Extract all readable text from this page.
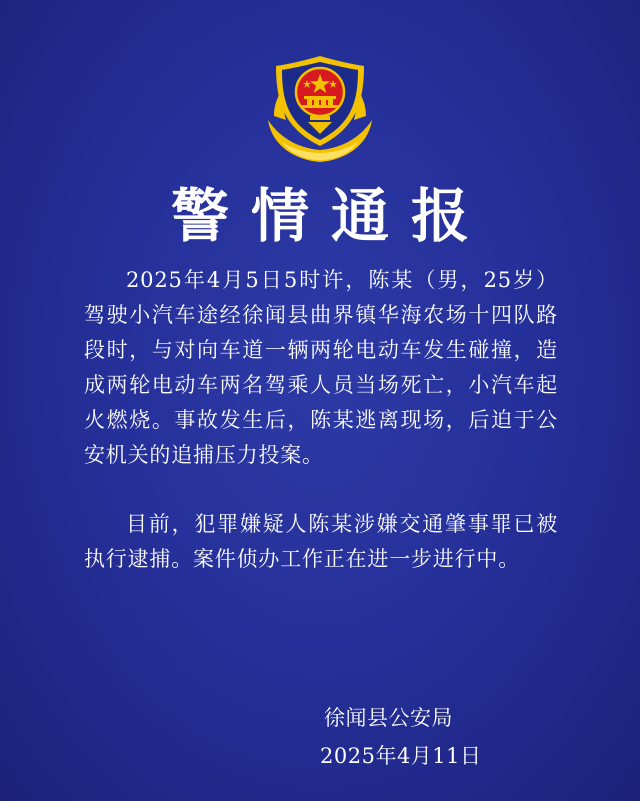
警情通报

2025年4月5日5时许，陈某（男，25岁）驾驶小汽车途经徐闻县曲界镇华海农场十四队路段时，与对向车道一辆两轮电动车发生碰撞，造成两轮电动车两名驾乘人员当场死亡，小汽车起火燃烧。事故发生后，陈某逃离现场，后迫于公安机关的追捕压力投案。

目前，犯罪嫌疑人陈某涉嫌交通肇事罪已被执行逮捕。案件侦办工作正在进一步进行中。

徐闻县公安局
2025年4月11日
